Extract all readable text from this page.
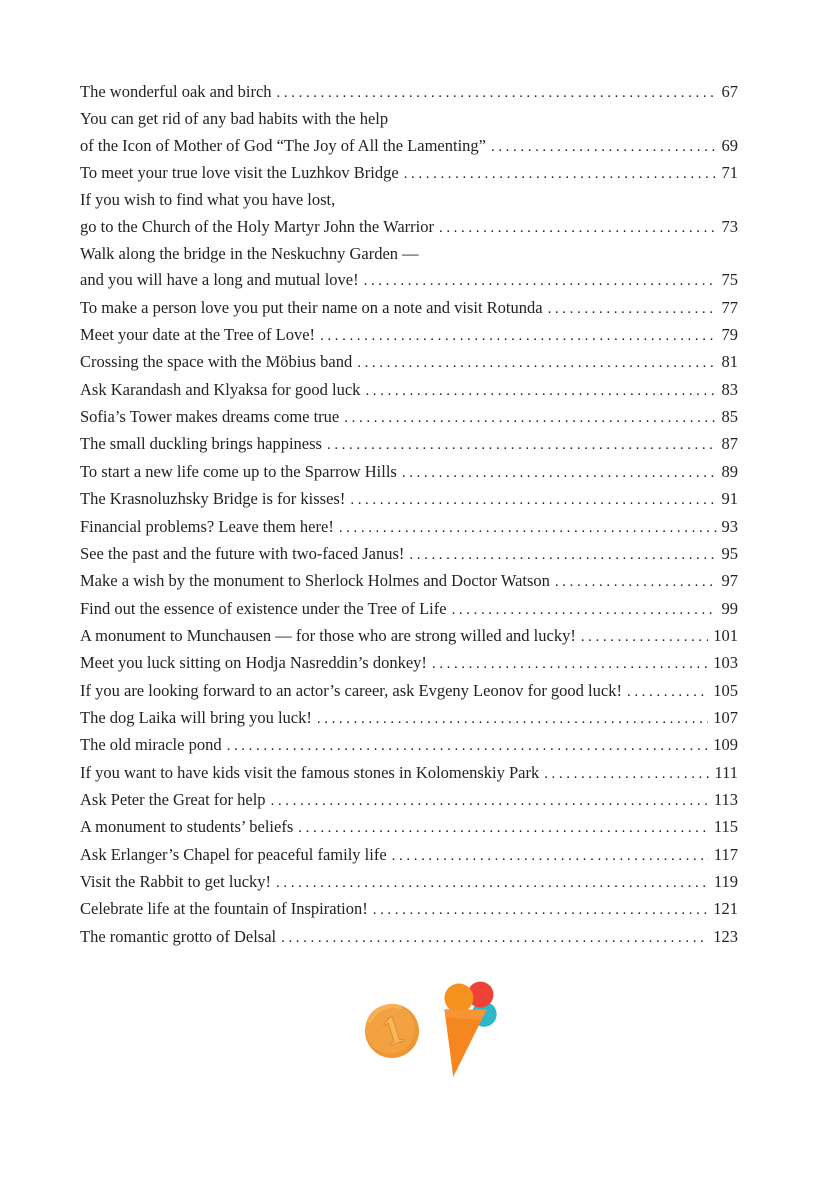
The wonderful oak and birch .....	67
You can get rid of any bad habits with the help
of the Icon of Mother of God “The Joy of All the Lamenting” .....	69
To meet your true love visit the Luzhkov Bridge .....	71
If you wish to find what you have lost,
go to the Church of the Holy Martyr John the Warrior .....	73
Walk along the bridge in the Neskuchny Garden —
and you will have a long and mutual love! .....	75
To make a person love you put their name on a note and visit Rotunda .....	77
Meet your date at the Tree of Love! .....	79
Crossing the space with the Möbius band .....	81
Ask Karandash and Klyaksa for good luck .....	83
Sofia’s Tower makes dreams come true .....	85
The small duckling brings happiness .....	87
To start a new life come up to the Sparrow Hills .....	89
The Krasnoluzhsky Bridge is for kisses! .....	91
Financial problems? Leave them here! .....	93
See the past and the future with two-faced Janus! .....	95
Make a wish by the monument to Sherlock Holmes and Doctor Watson .....	97
Find out the essence of existence under the Tree of Life .....	99
A monument to Munchausen — for those who are strong willed and lucky! .....	101
Meet you luck sitting on Hodja Nasreddin’s donkey! .....	103
If you are looking forward to an actor’s career, ask Evgeny Leonov for good luck! .....	105
The dog Laika will bring you luck! .....	107
The old miracle pond .....	109
If you want to have kids visit the famous stones in Kolomenskiy Park .....	111
Ask Peter the Great for help .....	113
A monument to students’ beliefs .....	115
Ask Erlanger’s Chapel for peaceful family life .....	117
Visit the Rabbit to get lucky! .....	119
Celebrate life at the fountain of Inspiration! .....	121
The romantic grotto of Delsal .....	123
1
